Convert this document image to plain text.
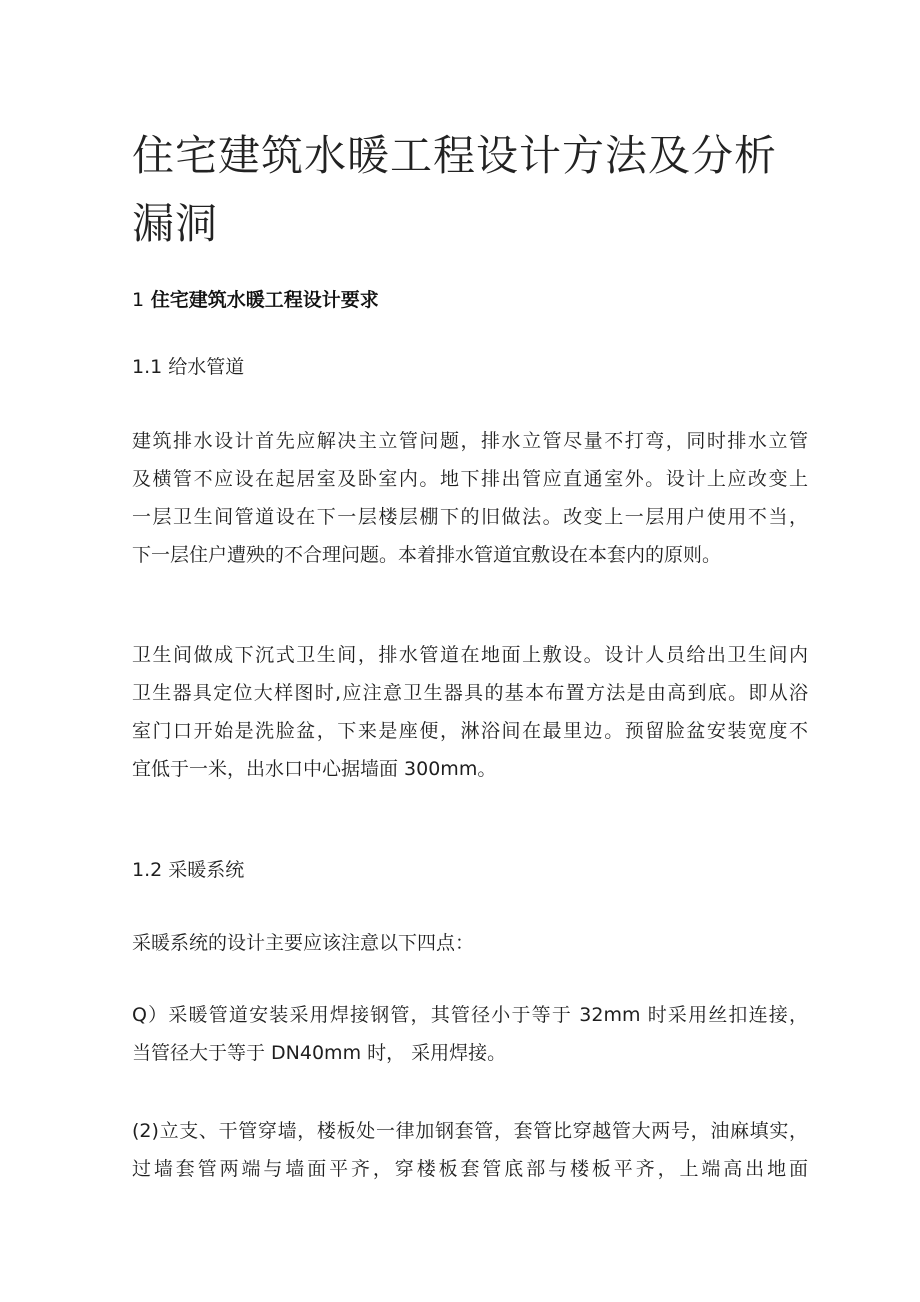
住宅建筑水暖工程设计方法及分析
漏洞

1 住宅建筑水暖工程设计要求

1.1 给水管道

建筑排水设计首先应解决主立管问题，排水立管尽量不打弯，同时排水立管
及横管不应设在起居室及卧室内。地下排出管应直通室外。设计上应改变上
一层卫生间管道设在下一层楼层棚下的旧做法。改变上一层用户使用不当，
下一层住户遭殃的不合理问题。本着排水管道宜敷设在本套内的原则。

卫生间做成下沉式卫生间，排水管道在地面上敷设。设计人员给出卫生间内
卫生器具定位大样图时,应注意卫生器具的基本布置方法是由高到底。即从浴
室门口开始是洗脸盆，下来是座便，淋浴间在最里边。预留脸盆安装宽度不
宜低于一米，出水口中心据墙面 300mm。

1.2 采暖系统

采暖系统的设计主要应该注意以下四点：

Q）采暖管道安装采用焊接钢管，其管径小于等于 32mm 时采用丝扣连接，
当管径大于等于 DN40mm 时， 采用焊接。

(2)立支、干管穿墙，楼板处一律加钢套管，套管比穿越管大两号，油麻填实，
过墙套管两端与墙面平齐，穿楼板套管底部与楼板平齐，上端高出地面
